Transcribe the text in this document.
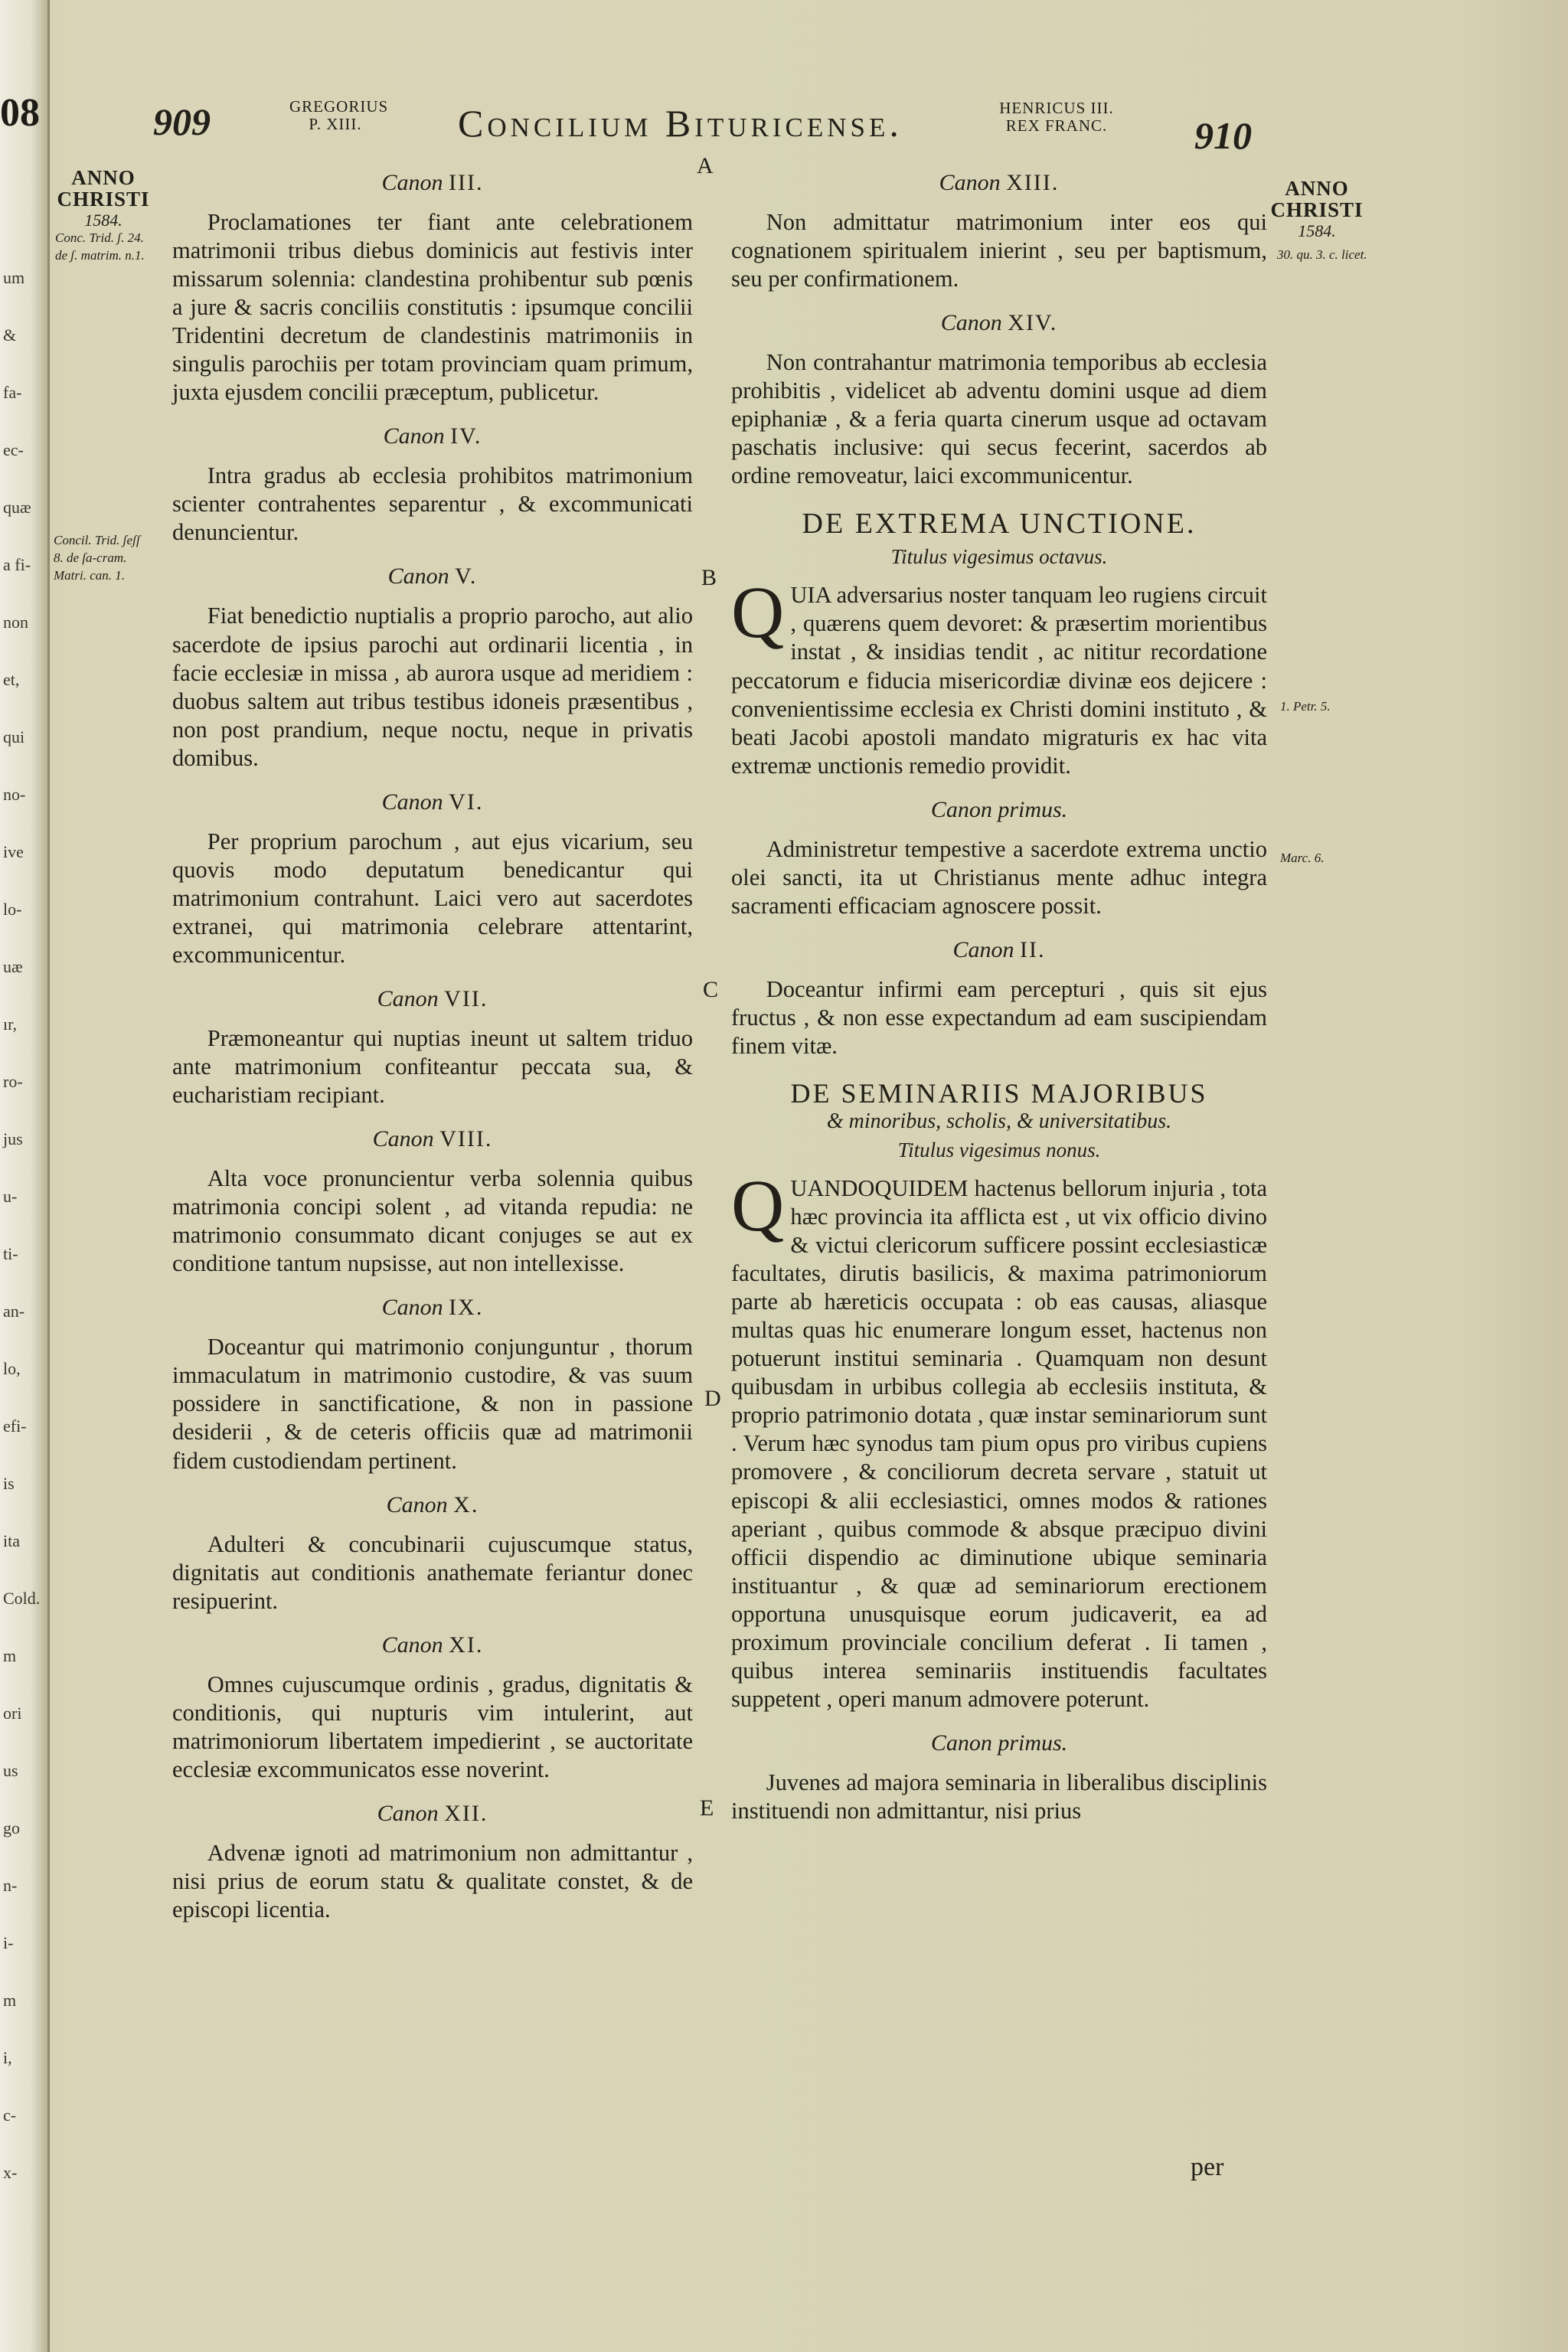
08
um
&
fa-
ec-
quæ
a fi-
non
et,
qui
no-
ive
lo-
uæ
ır,
ro-
jus
u-
ti-
an-
lo,
efi-
is
ita
Cold.
m
ori
us
go
n-
i-
m
i,
c-
x-
909	GREGORIUS P. XIII.	Concilium Bituricense.	HENRICUS III. REX FRANC.	910
A
B
C
D
E
ANNO CHRISTI
1584.
Conc. Trid. ʃ. 24. de ʃ. matrim. n.1.
Concil. Trid. ʃeʃſ 8. de ſa-cram. Matri. can. 1.
ANNO CHRISTI
1584.
30. qu. 3. c. licet.
1. Petr. 5.
Marc. 6.
Canon III.

Proclamationes ter fiant ante celebrationem matrimonii tribus diebus dominicis aut festivis inter missarum solennia: clandestina prohibentur sub pœnis a jure & sacris conciliis constitutis : ipsumque concilii Tridentini decretum de clandestinis matrimoniis in singulis parochiis per totam provinciam quam primum, juxta ejusdem concilii præceptum, publicetur.

Canon IV.

Intra gradus ab ecclesia prohibitos matrimonium scienter contrahentes separentur , & excommunicati denuncientur.

Canon V.

Fiat benedictio nuptialis a proprio parocho, aut alio sacerdote de ipsius parochi aut ordinarii licentia , in facie ecclesiæ in missa , ab aurora usque ad meridiem : duobus saltem aut tribus testibus idoneis præsentibus , non post prandium, neque noctu, neque in privatis domibus.

Canon VI.

Per proprium parochum , aut ejus vicarium, seu quovis modo deputatum benedicantur qui matrimonium contrahunt. Laici vero aut sacerdotes extranei, qui matrimonia celebrare attentarint, excommunicentur.

Canon VII.

Præmoneantur qui nuptias ineunt ut saltem triduo ante matrimonium confiteantur peccata sua, & eucharistiam recipiant.

Canon VIII.

Alta voce pronuncientur verba solennia quibus matrimonia concipi solent , ad vitanda repudia: ne matrimonio consummato dicant conjuges se aut ex conditione tantum nupsisse, aut non intellexisse.

Canon IX.

Doceantur qui matrimonio conjunguntur , thorum immaculatum in matrimonio custodire, & vas suum possidere in sanctificatione, & non in passione desiderii , & de ceteris officiis quæ ad matrimonii fidem custodiendam pertinent.

Canon X.

Adulteri & concubinarii cujuscumque status, dignitatis aut conditionis anathemate feriantur donec resipuerint.

Canon XI.

Omnes cujuscumque ordinis , gradus, dignitatis & conditionis, qui nupturis vim intulerint, aut matrimoniorum libertatem impedierint , se auctoritate ecclesiæ excommunicatos esse noverint.

Canon XII.

Advenæ ignoti ad matrimonium non admittantur , nisi prius de eorum statu & qualitate constet, & de episcopi licentia.

Canon XIII.

Non admittatur matrimonium inter eos qui cognationem spiritualem inierint , seu per baptismum, seu per confirmationem.

Canon XIV.

Non contrahantur matrimonia temporibus ab ecclesia prohibitis , videlicet ab adventu domini usque ad diem epiphaniæ , & a feria quarta cinerum usque ad octavam paschatis inclusive: qui secus fecerint, sacerdos ab ordine removeatur, laici excommunicentur.

DE EXTREMA UNCTIONE.
Titulus vigesimus octavus.

QUIA adversarius noster tanquam leo rugiens circuit , quærens quem devoret: & præsertim morientibus instat , & insidias tendit , ac nititur recordatione peccatorum e fiducia misericordiæ divinæ eos dejicere : convenientissime ecclesia ex Christi domini instituto , & beati Jacobi apostoli mandato migraturis ex hac vita extremæ unctionis remedio providit.

Canon primus.

Administretur tempestive a sacerdote extrema unctio olei sancti, ita ut Christianus mente adhuc integra sacramenti efficaciam agnoscere possit.

Canon II.

Doceantur infirmi eam percepturi , quis sit ejus fructus , & non esse expectandum ad eam suscipiendam finem vitæ.

DE SEMINARIIS MAJORIBUS
& minoribus, scholis, & universitatibus.
Titulus vigesimus nonus.

QUANDOQUIDEM hactenus bellorum injuria , tota hæc provincia ita afflicta est , ut vix officio divino & victui clericorum sufficere possint ecclesiasticæ facultates, dirutis basilicis, & maxima patrimoniorum parte ab hæreticis occupata : ob eas causas, aliasque multas quas hic enumerare longum esset, hactenus non potuerunt institui seminaria . Quamquam non desunt quibusdam in urbibus collegia ab ecclesiis instituta, & proprio patrimonio dotata , quæ instar seminariorum sunt . Verum hæc synodus tam pium opus pro viribus cupiens promovere , & conciliorum decreta servare , statuit ut episcopi & alii ecclesiastici, omnes modos & rationes aperiant , quibus commode & absque præcipuo divini officii dispendio ac diminutione ubique seminaria instituantur , & quæ ad seminariorum erectionem opportuna unusquisque eorum judicaverit, ea ad proximum provinciale concilium deferat . Ii tamen , quibus interea seminariis instituendis facultates suppetent , operi manum admovere poterunt.

Canon primus.

Juvenes ad majora seminaria in liberalibus disciplinis instituendi non admittantur, nisi prius

per
